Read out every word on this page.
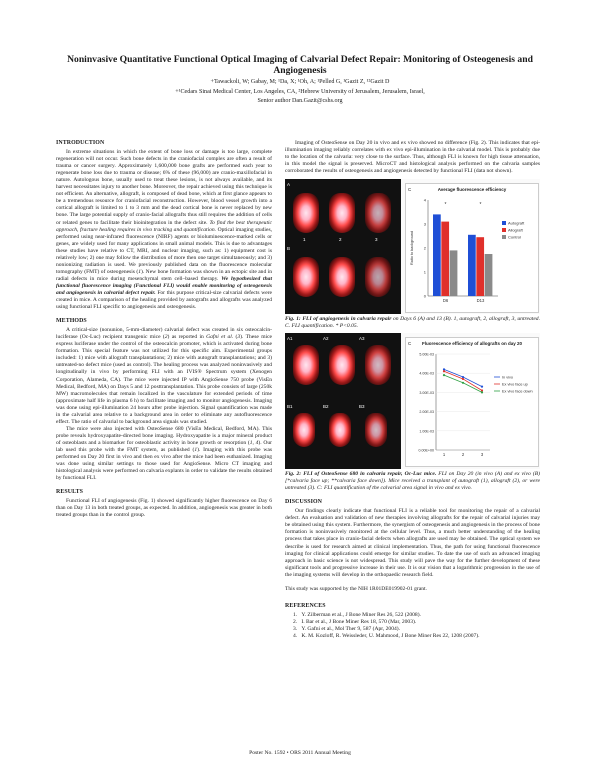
Noninvasive Quantitative Functional Optical Imaging of Calvarial Defect Repair: Monitoring of Osteogenesis and Angiogenesis
+Tawackoli, W; Gabay, M; ¹Da, X; ¹Oh, A; ¹Pelled G, ¹Gazit Z, ¹²Gazit D
+¹Cedars Sinai Medical Center, Los Angeles, CA, ²Hebrew University of Jerusalem, Jerusalem, Israel,
Senior author Dan.Gazit@cshs.org
INTRODUCTION

In extreme situations in which the extent of bone loss or damage is too large, complete regeneration will not occur. Such bone defects in the craniofacial complex are often a result of trauma or cancer surgery. Approximately 1,600,000 bone grafts are performed each year to regenerate bone loss due to trauma or disease; 6% of these (96,000) are cranio-maxillofacial in nature. Autologous bone, usually used to treat these lesions, is not always available, and its harvest necessitates injury to another bone. Moreover, the repair achieved using this technique is not efficient. An alternative, allograft, is composed of dead bone, which at first glance appears to be a tremendous resource for craniofacial reconstruction. However, blood vessel growth into a cortical allograft is limited to 1 to 3 mm and the dead cortical bone is never replaced by new bone. The large potential supply of cranio-facial allografts thus still requires the addition of cells or related genes to facilitate their bioinitegration in the defect site. To find the best therapeutic approach, fracture healing requires in vivo tracking and quantification. Optical imaging studies, performed using near-infrared fluorescence (NIRF) agents or bioluminescence-marked cells or genes, are widely used for many applications in small animal models. This is due to advantages these studies have relative to CT, MRI, and nuclear imaging, such as: 1) equipment cost is relatively low; 2) one may follow the distribution of more then one target simultaneously; and 3) nonionizing radiation is used. We previously published data on the fluorescence molecular tomography (FMT) of osteogenesis (1). New bone formation was shown in an ectopic site and in radial defects in mice during mesenchymal stem cell–based therapy. We hypothesized that functional fluorescence imaging (Functional FLI) would enable monitoring of osteogenesis and angiogenesis in calvarial defect repair. For this purpose critical-size calvarial defects were created in mice. A comparison of the healing provided by autografts and allografts was analyzed using functional FLI specific to angiogenesis and osteogenesis.

METHODS

A critical-size (nonunion, 5-mm-diameter) calvarial defect was created in six osteocalcin-luciferase (Oc-Luc) recipient transgenic mice (2) as reported in Gafni et al. (3). These mice express luciferase under the control of the osteocalcin promoter, which is activated during bone formation. This special feature was not utilized for this specific aim. Experimental groups included: 1) mice with allograft transplantations; 2) mice with autograft transplantations; and 3) untreated-no defect mice (used as control). The healing process was analyzed noninvasively and longitudinally in vivo by performing FLI with an IVIS® Spectrum system (Xenogen Corporation, Alameda, CA). The mice were injected IP with AngioSense 750 probe (VisEn Medical, Bedford, MA) on Days 5 and 12 posttransplantation. This probe consists of large (250k MW) macromolecules that remain localized in the vasculature for extended periods of time (approximate half life in plasma 6 h) to facilitate imaging and to monitor angiogenesis. Imaging was done using epi-illumination 24 hours after probe injection. Signal quantification was made in the calvarial area relative to a background area in order to eliminate any autofluorescence effect. The ratio of calvarial to background area signals was studied.

The mice were also injected with OsteoSense 680 (VisEn Medical, Bedford, MA). This probe reveals hydroxyapatite-directed bone imaging. Hydroxyapatite is a major mineral product of osteoblasts and a biomarker for osteoblastic activity in bone growth or resorption (1, 4). Our lab used this probe with the FMT system, as published (1). Imaging with this probe was performed on Day 20 first in vivo and then ex vivo after the mice had been euthanized. Imaging was done using similar settings to those used for AngioSense. Micro CT imaging and histological analysis were performed on calvaria explants in order to validate the results obtained by functional FLI.

RESULTS

Functional FLI of angiogenesis (Fig. 1) showed significantly higher fluorescence on Day 6 than on Day 13 in both treated groups, as expected. In addition, angiogenesis was greater in both treated groups than in the control group.

Imaging of OsteoSense on Day 20 in vivo and ex vivo showed no difference (Fig. 2). This indicates that epi-illumination imaging reliably correlates with ex vivo epi-illumination in the calvarial model. This is probably due to the location of the calvaria: very close to the surface. Thus, although FLI is known for high tissue attenuation, in this model the signal is preserved. MicroCT and histological analysis performed on the calvaria samples corroborated the results of osteogenesis and angiogenesis detected by functional FLI (data not shown).

A
B
1	2	3
C	Average fluorescence efficiency
0
1
2
3
4
Ratio to background
D6
*
D13
*
Autograft
Allograft
Control
Fig. 1: FLI of angiogenesis in calvaria repair on Days 6 (A) and 13 (B). 1, autograft, 2, allograft, 3, untreated. C. FLI quantification. * P<0.05.
A1	A2	A3
B1	B2	B3
C	Fluorescence efficiency of allografts on day 20
0.00E+00
1.00E-03
2.00E-03
3.00E-03
4.00E-03
5.00E-03
1	2	3
In vivo
Ex vivo face up
Ex vivo face down
Fig. 2: FLI of OsteoSense 680 in calvaria repair, Oc-Luc mice. FLI on Day 20 (in vivo (A) and ex vivo (B) [*calvaria face up; **calvaria face down]). Mice received a transplant of autograft (1), allograft (2), or were untreated (3). C: FLI quantification of the calvarial area signal in vivo and ex vivo.
DISCUSSION

Our findings clearly indicate that functional FLI is a reliable tool for monitoring the repair of a calvarial defect. An evaluation and validation of new therapies involving allografts for the repair of calvarial injuries may be obtained using this system. Furthermore, the synergism of osteogenesis and angiogenesis in the process of bone formation is noninvasively monitored at the cellular level. Thus, a much better understanding of the healing process that takes place in cranio-facial defects when allografts are used may be obtained. The optical system we describe is used for research aimed at clinical implementation. Thus, the path for using functional fluorescence imaging for clinical applications could emerge for similar studies. To date the use of such an advanced imaging approach in basic science is not widespread. This study will pave the way for the further development of these significant tools and progressive increase in their use. It is our vision that a logarithmic progression in the use of the imaging systems will develop in the orthopaedic research field.

This study was supported by the NIH 1R01DE019902-01 grant.

REFERENCES
1. Y. Zilberman et al., J Bone Miner Res 26, 522 (2008).
2. I. Bar et al., J Bone Miner Res 18, 570 (Mar, 2003).
3. Y. Gafni et al., Mol Ther 9, 587 (Apr, 2004).
4. K. M. Kozloff, R. Weissleder, U. Mahmood, J Bone Miner Res 22, 1208 (2007).
Poster No. 1592 • ORS 2011 Annual Meeting
